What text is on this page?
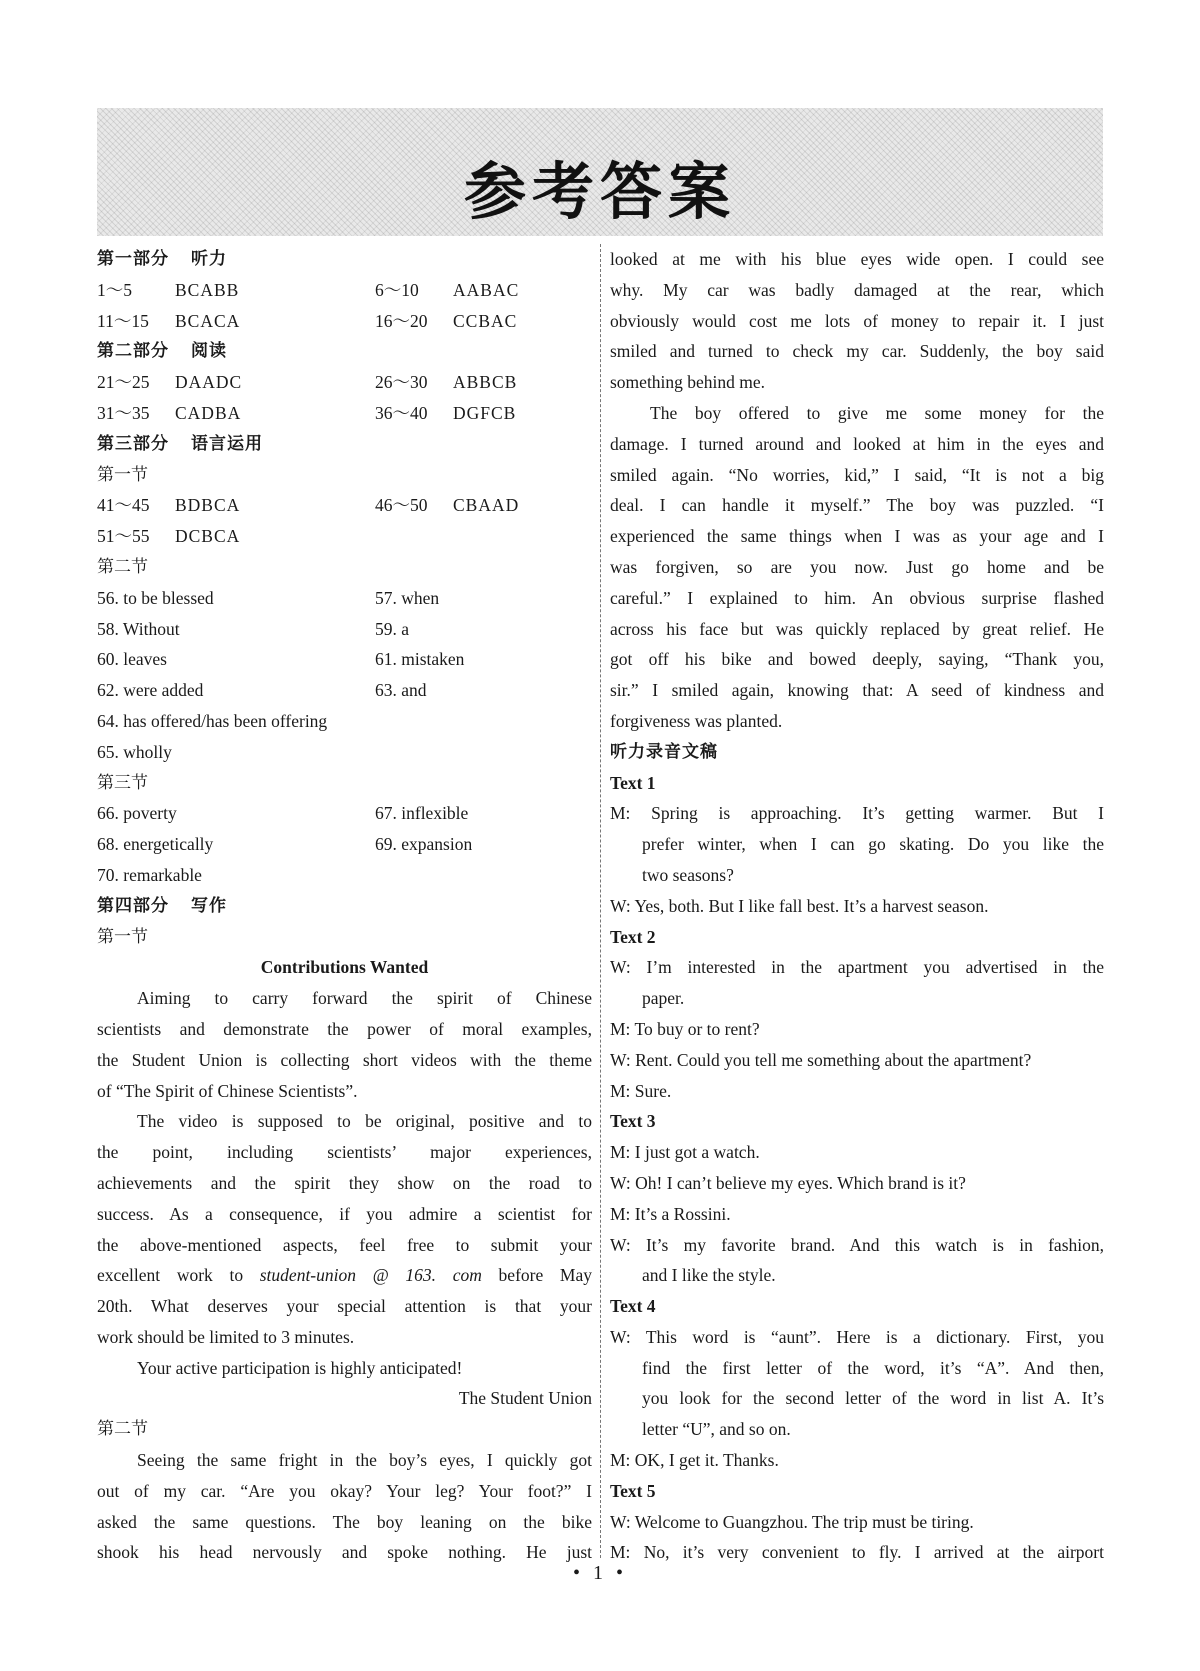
参考答案
第一部分 听力
1～5 BCABB	6～10 AABAC
11～15 BCACA	16～20 CCBAC
第二部分 阅读
21～25 DAADC	26～30 ABBCB
31～35 CADBA	36～40 DGFCB
第三部分 语言运用
第一节
41～45 BDBCA	46～50 CBAAD
51～55 DCBCA
第二节
56. to be blessed	57. when
58. Without	59. a
60. leaves	61. mistaken
62. were added	63. and
64. has offered/has been offering
65. wholly
第三节
66. poverty	67. inflexible
68. energetically	69. expansion
70. remarkable
第四部分 写作
第一节
Contributions Wanted
Aiming to carry forward the spirit of Chinese
scientists and demonstrate the power of moral examples,
the Student Union is collecting short videos with the theme
of “The Spirit of Chinese Scientists”.
The video is supposed to be original, positive and to
the point, including scientists’ major experiences,
achievements and the spirit they show on the road to
success. As a consequence, if you admire a scientist for
the above-mentioned aspects, feel free to submit your
excellent work to student-union @ 163. com before May
20th. What deserves your special attention is that your
work should be limited to 3 minutes.
Your active participation is highly anticipated!
The Student Union
第二节
Seeing the same fright in the boy’s eyes, I quickly got
out of my car. “Are you okay? Your leg? Your foot?” I
asked the same questions. The boy leaning on the bike
shook his head nervously and spoke nothing. He just
looked at me with his blue eyes wide open. I could see
why. My car was badly damaged at the rear, which
obviously would cost me lots of money to repair it. I just
smiled and turned to check my car. Suddenly, the boy said
something behind me.
The boy offered to give me some money for the
damage. I turned around and looked at him in the eyes and
smiled again. “No worries, kid,” I said, “It is not a big
deal. I can handle it myself.” The boy was puzzled. “I
experienced the same things when I was as your age and I
was forgiven, so are you now. Just go home and be
careful.” I explained to him. An obvious surprise flashed
across his face but was quickly replaced by great relief. He
got off his bike and bowed deeply, saying, “Thank you,
sir.” I smiled again, knowing that: A seed of kindness and
forgiveness was planted.
听力录音文稿
Text 1
M: Spring is approaching. It’s getting warmer. But I
prefer winter, when I can go skating. Do you like the
two seasons?
W: Yes, both. But I like fall best. It’s a harvest season.
Text 2
W: I’m interested in the apartment you advertised in the
paper.
M: To buy or to rent?
W: Rent. Could you tell me something about the apartment?
M: Sure.
Text 3
M: I just got a watch.
W: Oh! I can’t believe my eyes. Which brand is it?
M: It’s a Rossini.
W: It’s my favorite brand. And this watch is in fashion,
and I like the style.
Text 4
W: This word is “aunt”. Here is a dictionary. First, you
find the first letter of the word, it’s “A”. And then,
you look for the second letter of the word in list A. It’s
letter “U”, and so on.
M: OK, I get it. Thanks.
Text 5
W: Welcome to Guangzhou. The trip must be tiring.
M: No, it’s very convenient to fly. I arrived at the airport
• 1 •
